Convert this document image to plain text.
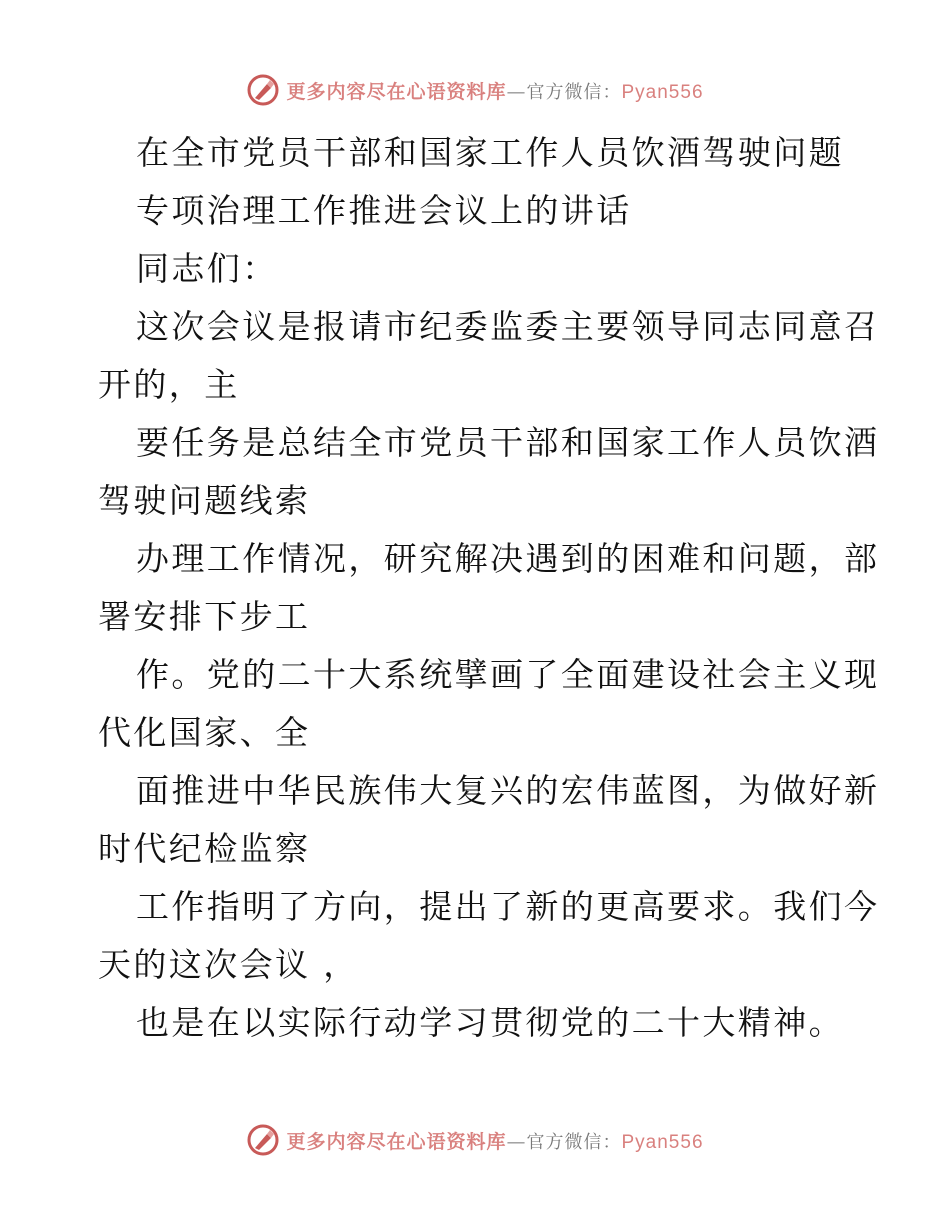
更多内容尽在心语资料库—官方微信：Pyan556
在全市党员干部和国家工作人员饮酒驾驶问题
专项治理工作推进会议上的讲话
同志们：
这次会议是报请市纪委监委主要领导同志同意召
开的，主
要任务是总结全市党员干部和国家工作人员饮酒
驾驶问题线索
办理工作情况，研究解决遇到的困难和问题，部
署安排下步工
作。党的二十大系统擘画了全面建设社会主义现
代化国家、全
面推进中华民族伟大复兴的宏伟蓝图，为做好新
时代纪检监察
工作指明了方向，提出了新的更高要求。我们今
天的这次会议 ，
也是在以实际行动学习贯彻党的二十大精神。
更多内容尽在心语资料库—官方微信：Pyan556
